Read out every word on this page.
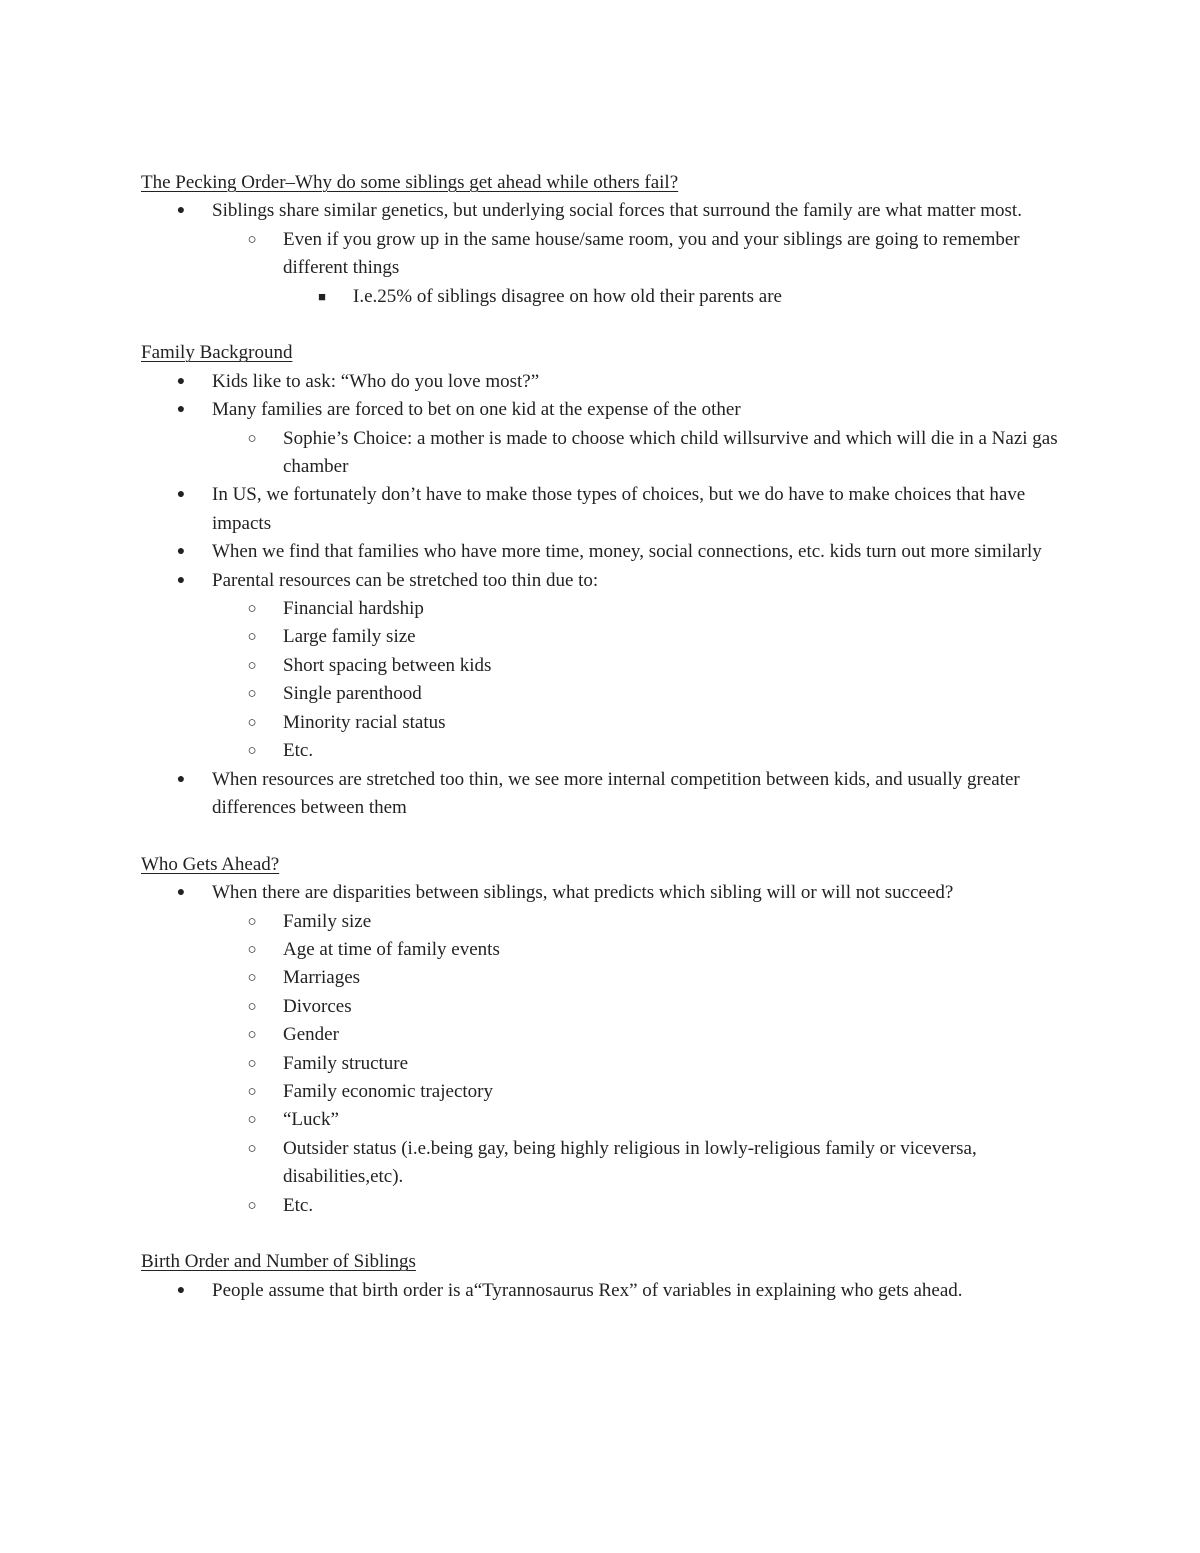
The Pecking Order–Why do some siblings get ahead while others fail?

●	Siblings share similar genetics, but underlying social forces that surround the family are what matter most.

○ Even if you grow up in the same house/same room, you and your siblings are going to remember different things

■	I.e.25% of siblings disagree on how old their parents are

Family Background

●	Kids like to ask: “Who do you love most?”

●	Many families are forced to bet on one kid at the expense of the other

○ Sophie’s Choice: a mother is made to choose which child willsurvive and which will die in a Nazi gas chamber

●	In US, we fortunately don’t have to make those types of choices, but we do have to make choices that have impacts

●	When we find that families who have more time, money, social connections, etc. kids turn out more similarly

●	Parental resources can be stretched too thin due to:

○ Financial hardship

○ Large family size

○ Short spacing between kids

○ Single parenthood

○ Minority racial status

○ Etc.

●	When resources are stretched too thin, we see more internal competition between kids, and usually greater differences between them

Who Gets Ahead?

●	When there are disparities between siblings, what predicts which sibling will or will not succeed?

○ Family size

○ Age at time of family events

○ Marriages

○ Divorces

○ Gender

○ Family structure

○ Family economic trajectory

○ “Luck”

○ Outsider status (i.e.being gay, being highly religious in lowly-religious family or viceversa, disabilities,etc).

○ Etc.

Birth Order and Number of Siblings

●	People assume that birth order is a“Tyrannosaurus Rex” of variables in explaining who gets ahead.
